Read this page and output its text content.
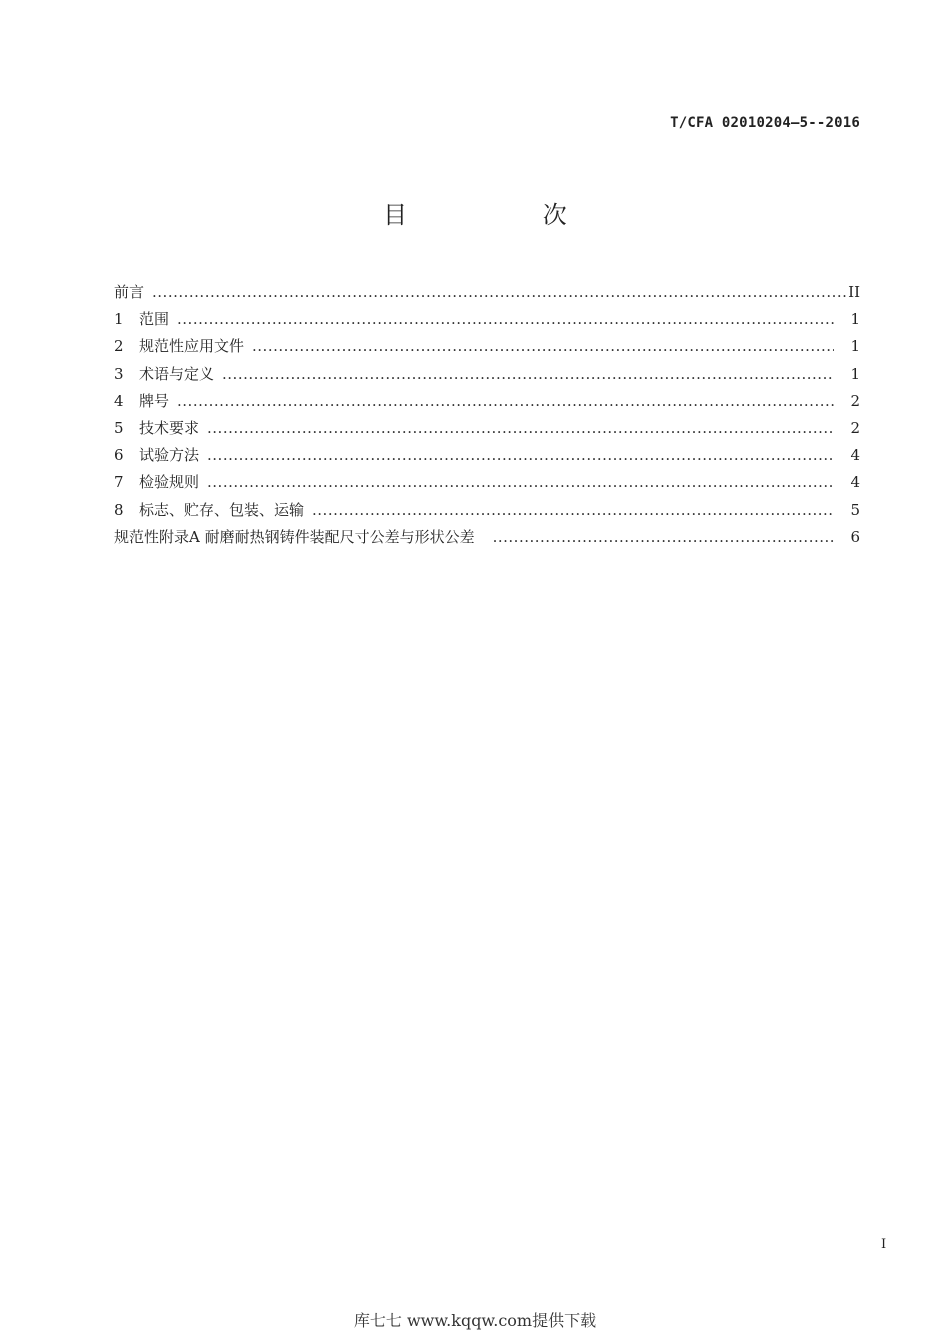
T/CFA 02010204–5--2016
目 次
前言 .....	II
1	范围 .....	1
2	规范性应用文件 .....	1
3	术语与定义 .....	1
4	牌号 .....	2
5	技术要求 .....	2
6	试验方法 .....	4
7	检验规则 .....	4
8	标志、贮存、包装、运输 .....	5
规范性附录A 耐磨耐热钢铸件装配尺寸公差与形状公差 .....	6
I
库七七 www.kqqw.com提供下载
